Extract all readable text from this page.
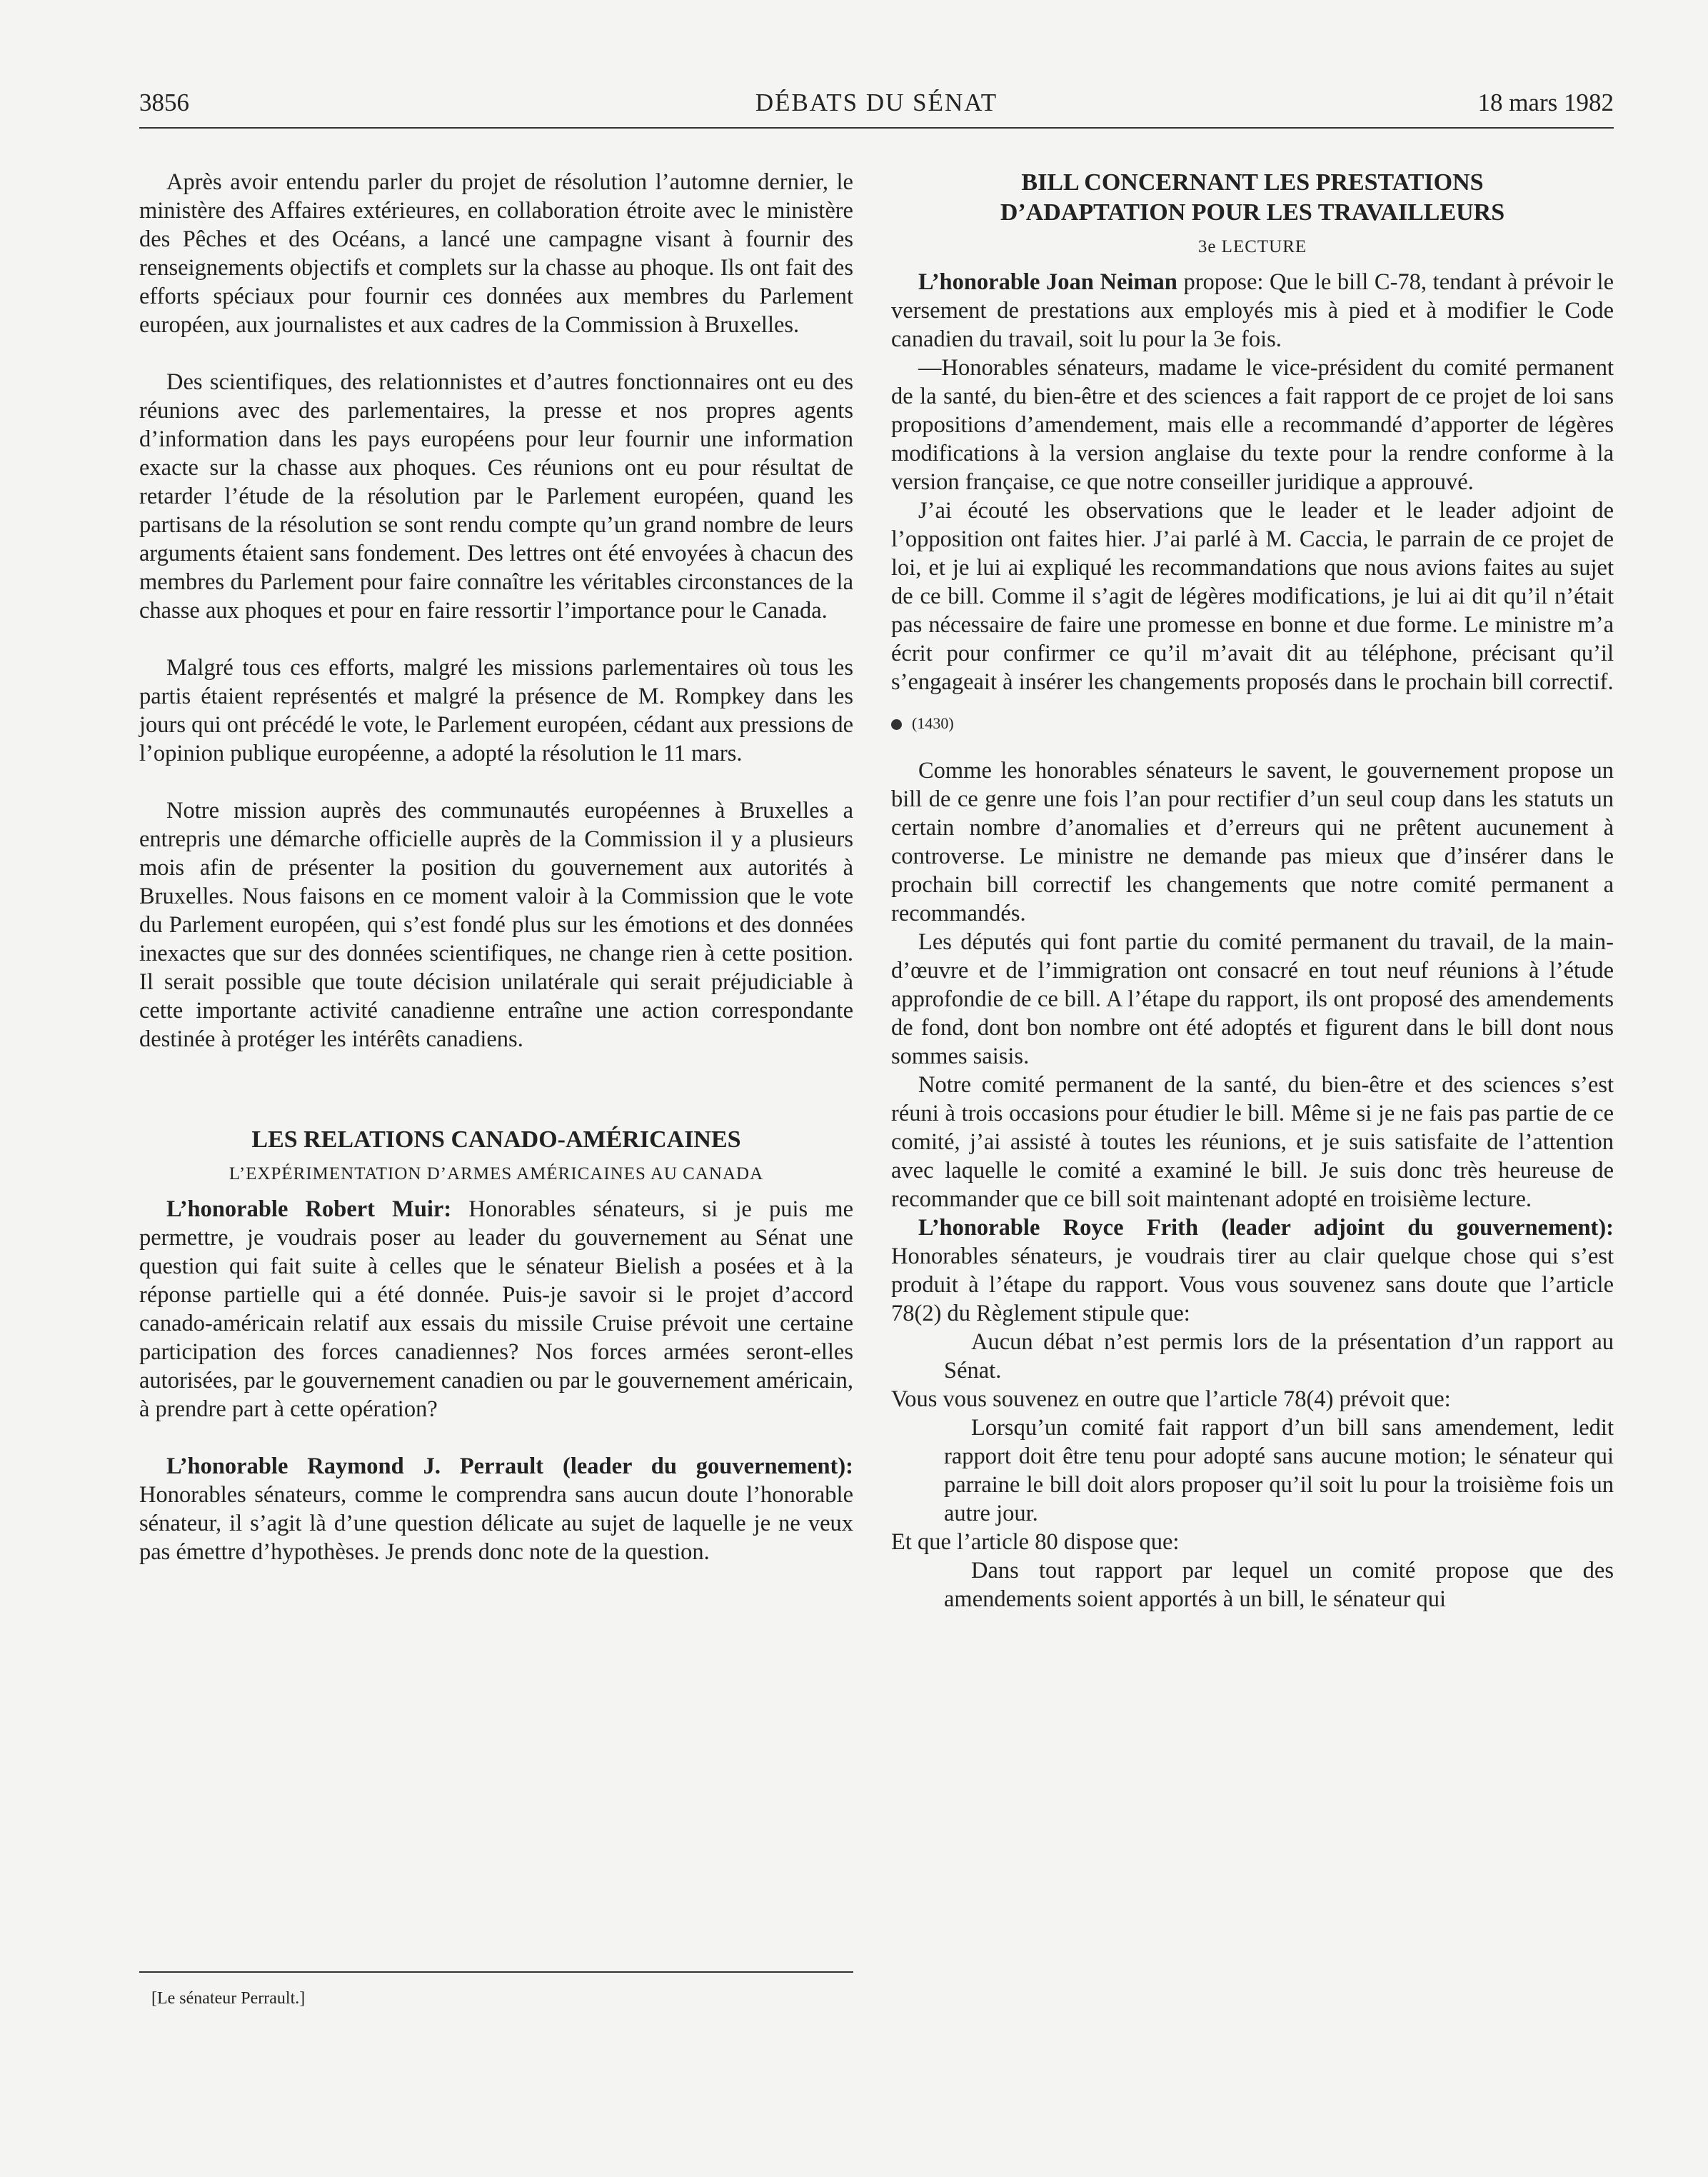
3856	DÉBATS DU SÉNAT	18 mars 1982

Après avoir entendu parler du projet de résolution l’automne dernier, le ministère des Affaires extérieures, en collaboration étroite avec le ministère des Pêches et des Océans, a lancé une campagne visant à fournir des renseignements objectifs et complets sur la chasse au phoque. Ils ont fait des efforts spéciaux pour fournir ces données aux membres du Parlement européen, aux journalistes et aux cadres de la Commission à Bruxelles.

Des scientifiques, des relationnistes et d’autres fonctionnaires ont eu des réunions avec des parlementaires, la presse et nos propres agents d’information dans les pays européens pour leur fournir une information exacte sur la chasse aux phoques. Ces réunions ont eu pour résultat de retarder l’étude de la résolution par le Parlement européen, quand les partisans de la résolution se sont rendu compte qu’un grand nombre de leurs arguments étaient sans fondement. Des lettres ont été envoyées à chacun des membres du Parlement pour faire connaître les véritables circonstances de la chasse aux phoques et pour en faire ressortir l’importance pour le Canada.

Malgré tous ces efforts, malgré les missions parlementaires où tous les partis étaient représentés et malgré la présence de M. Rompkey dans les jours qui ont précédé le vote, le Parlement européen, cédant aux pressions de l’opinion publique européenne, a adopté la résolution le 11 mars.

Notre mission auprès des communautés européennes à Bruxelles a entrepris une démarche officielle auprès de la Commission il y a plusieurs mois afin de présenter la position du gouvernement aux autorités à Bruxelles. Nous faisons en ce moment valoir à la Commission que le vote du Parlement européen, qui s’est fondé plus sur les émotions et des données inexactes que sur des données scientifiques, ne change rien à cette position. Il serait possible que toute décision unilatérale qui serait préjudiciable à cette importante activité canadienne entraîne une action correspondante destinée à protéger les intérêts canadiens.

LES RELATIONS CANADO-AMÉRICAINES

L’EXPÉRIMENTATION D’ARMES AMÉRICAINES AU CANADA

L’honorable Robert Muir: Honorables sénateurs, si je puis me permettre, je voudrais poser au leader du gouvernement au Sénat une question qui fait suite à celles que le sénateur Bielish a posées et à la réponse partielle qui a été donnée. Puis-je savoir si le projet d’accord canado-américain relatif aux essais du missile Cruise prévoit une certaine participation des forces canadiennes? Nos forces armées seront-elles autorisées, par le gouvernement canadien ou par le gouvernement américain, à prendre part à cette opération?

L’honorable Raymond J. Perrault (leader du gouvernement): Honorables sénateurs, comme le comprendra sans aucun doute l’honorable sénateur, il s’agit là d’une question délicate au sujet de laquelle je ne veux pas émettre d’hypothèses. Je prends donc note de la question.

[Le sénateur Perrault.]

BILL CONCERNANT LES PRESTATIONS

D’ADAPTATION POUR LES TRAVAILLEURS

3e LECTURE

L’honorable Joan Neiman propose: Que le bill C-78, tendant à prévoir le versement de prestations aux employés mis à pied et à modifier le Code canadien du travail, soit lu pour la 3e fois.

—Honorables sénateurs, madame le vice-président du comité permanent de la santé, du bien-être et des sciences a fait rapport de ce projet de loi sans propositions d’amendement, mais elle a recommandé d’apporter de légères modifications à la version anglaise du texte pour la rendre conforme à la version française, ce que notre conseiller juridique a approuvé.

J’ai écouté les observations que le leader et le leader adjoint de l’opposition ont faites hier. J’ai parlé à M. Caccia, le parrain de ce projet de loi, et je lui ai expliqué les recommandations que nous avions faites au sujet de ce bill. Comme il s’agit de légères modifications, je lui ai dit qu’il n’était pas nécessaire de faire une promesse en bonne et due forme. Le ministre m’a écrit pour confirmer ce qu’il m’avait dit au téléphone, précisant qu’il s’engageait à insérer les changements proposés dans le prochain bill correctif.

(1430)

Comme les honorables sénateurs le savent, le gouvernement propose un bill de ce genre une fois l’an pour rectifier d’un seul coup dans les statuts un certain nombre d’anomalies et d’erreurs qui ne prêtent aucunement à controverse. Le ministre ne demande pas mieux que d’insérer dans le prochain bill correctif les changements que notre comité permanent a recommandés.

Les députés qui font partie du comité permanent du travail, de la main-d’œuvre et de l’immigration ont consacré en tout neuf réunions à l’étude approfondie de ce bill. A l’étape du rapport, ils ont proposé des amendements de fond, dont bon nombre ont été adoptés et figurent dans le bill dont nous sommes saisis.

Notre comité permanent de la santé, du bien-être et des sciences s’est réuni à trois occasions pour étudier le bill. Même si je ne fais pas partie de ce comité, j’ai assisté à toutes les réunions, et je suis satisfaite de l’attention avec laquelle le comité a examiné le bill. Je suis donc très heureuse de recommander que ce bill soit maintenant adopté en troisième lecture.

L’honorable Royce Frith (leader adjoint du gouvernement): Honorables sénateurs, je voudrais tirer au clair quelque chose qui s’est produit à l’étape du rapport. Vous vous souvenez sans doute que l’article 78(2) du Règlement stipule que:

Aucun débat n’est permis lors de la présentation d’un rapport au Sénat.

Vous vous souvenez en outre que l’article 78(4) prévoit que:

Lorsqu’un comité fait rapport d’un bill sans amendement, ledit rapport doit être tenu pour adopté sans aucune motion; le sénateur qui parraine le bill doit alors proposer qu’il soit lu pour la troisième fois un autre jour.

Et que l’article 80 dispose que:

Dans tout rapport par lequel un comité propose que des amendements soient apportés à un bill, le sénateur qui
